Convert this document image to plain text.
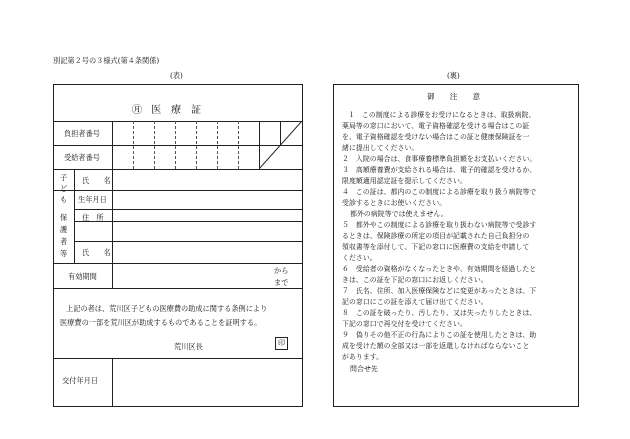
別記第２号の３様式(第４条関係)
(表)	(裏)
㊊ 医　療　証
負担者番号
受給者番号
子
ど
も
氏　　名
生年月日
保
護
者
等
住　所
氏　　名
有効期間
から
まで
上記の者は、荒川区子どもの医療費の助成に関する条例により
医療費の一部を荒川区が助成するものであることを証明する。
荒川区長	印
交付年月日
御　　注　　意
１　この制度による診療をお受けになるときは、取扱病院、
薬局等の窓口において、電子資格確認を受ける場合はこの証
を、電子資格確認を受けない場合はこの証と健康保険証を一
緒に提出してください。
２　入院の場合は、食事療養標準負担額をお支払いください。
３　高額療養費が支給される場合は、電子的確認を受けるか、
限度額適用認定証を提示してください。
４　この証は、都内のこの制度による診療を取り扱う病院等で
受診するときにお使いください。
都外の病院等では使えません。
５　都外やこの制度による診療を取り扱わない病院等で受診す
るときは、保険診療の所定の項目が記載された自己負担分の
領収書等を添付して、下記の窓口に医療費の支給を申請して
ください。
６　受給者の資格がなくなったときや、有効期間を経過したと
きは、この証を下記の窓口にお返しください。
７　氏名、住所、加入医療保険などに変更があったときは、下
記の窓口にこの証を添えて届け出てください。
８　この証を破ったり、汚したり、又は失ったりしたときは、
下記の窓口で再交付を受けてください。
９　偽りその他不正の行為によりこの証を使用したときは、助
成を受けた額の全部又は一部を返還しなければならないこと
があります。
問合せ先
